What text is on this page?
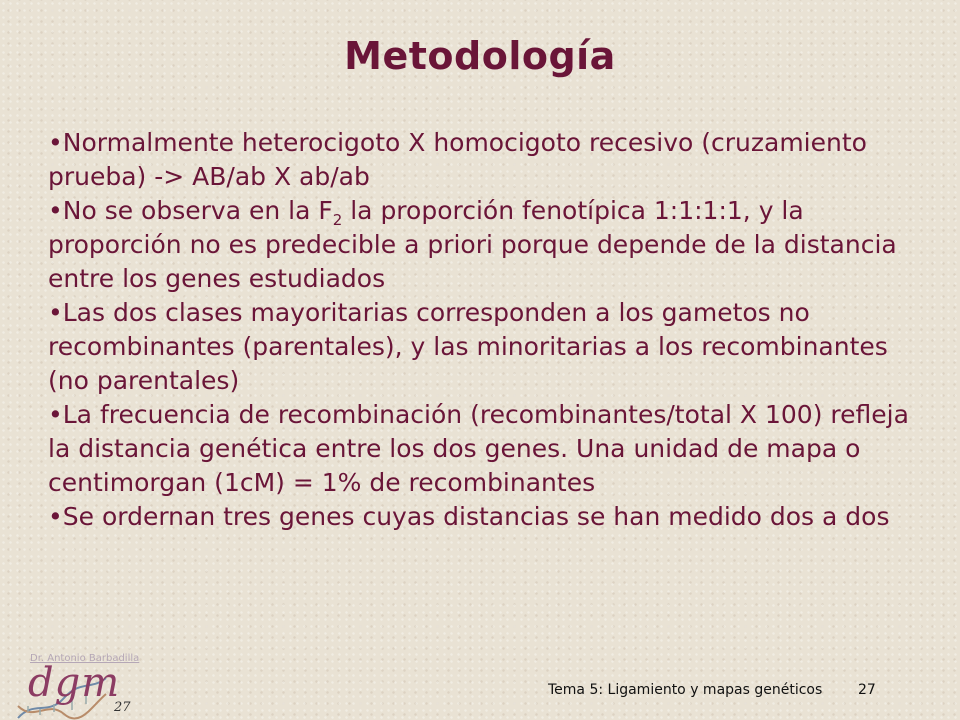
Metodología
• Normalmente heterocigoto X homocigoto recesivo (cruzamiento prueba) -> AB/ab X ab/ab
• No se observa en la $F_2$ la proporción fenotípica 1:1:1:1, y la proporción no es predecible a priori porque depende de la distancia entre los genes estudiados
• Las dos clases mayoritarias corresponden a los gametos no recombinantes (parentales), y las minoritarias a los recombinantes (no parentales)
• La frecuencia de recombinación (recombinantes/total X 100) refleja la distancia genética entre los dos genes. Una unidad de mapa o centimorgan (1cM) = 1% de recombinantes
• Se ordernan tres genes cuyas distancias se han medido dos a dos
Dr. Antonio Barbadilla
dgm
27
Tema 5: Ligamiento y mapas genéticos	27
